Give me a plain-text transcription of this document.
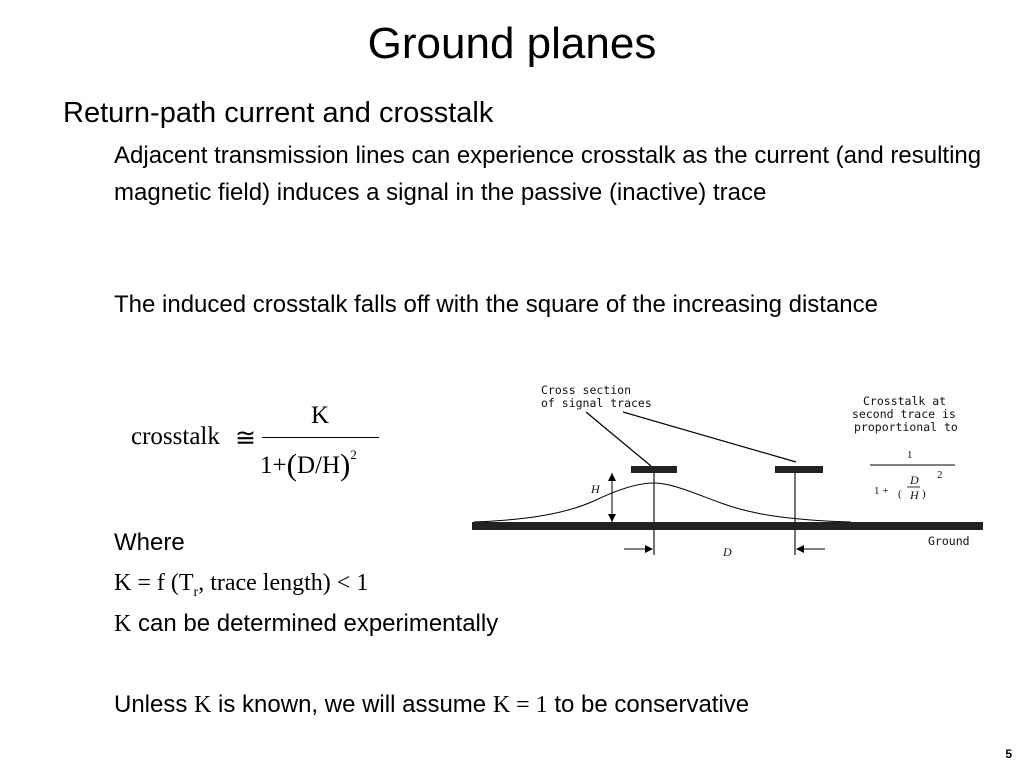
Ground planes
Return-path current and crosstalk
Adjacent transmission lines can experience crosstalk as the current (and resulting magnetic field) induces a signal in the passive (inactive) trace
The induced crosstalk falls off with the square of the increasing distance
crosstalk ≅
K
$1+(D/H)^2$
Cross section
of signal traces	Crosstalk at
second trace is
proportional to
1
1 + (
D
H )
2
H
Ground
D
Where
K = f ($T_r$, trace length) < 1
K can be determined experimentally
Unless K is known, we will assume K = 1 to be conservative
5
